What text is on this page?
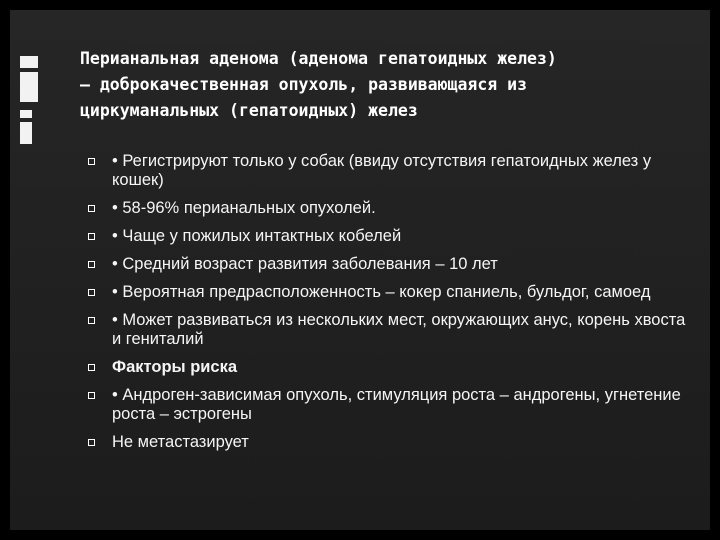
Перианальная аденома (аденома гепатоидных желез)
– доброкачественная опухоль, развивающаяся из
циркуманальных (гепатоидных) желез
• Регистрируют только у собак (ввиду отсутствия гепатоидных желез у кошек)
• 58-96% перианальных опухолей.
• Чаще у пожилых интактных кобелей
• Средний возраст развития заболевания – 10 лет
• Вероятная предрасположенность – кокер спаниель, бульдог, самоед
• Может развиваться из нескольких мест, окружающих анус, корень хвоста и гениталий
Факторы риска
• Андроген-зависимая опухоль, стимуляция роста – андрогены, угнетение роста – эстрогены
Не метастазирует
